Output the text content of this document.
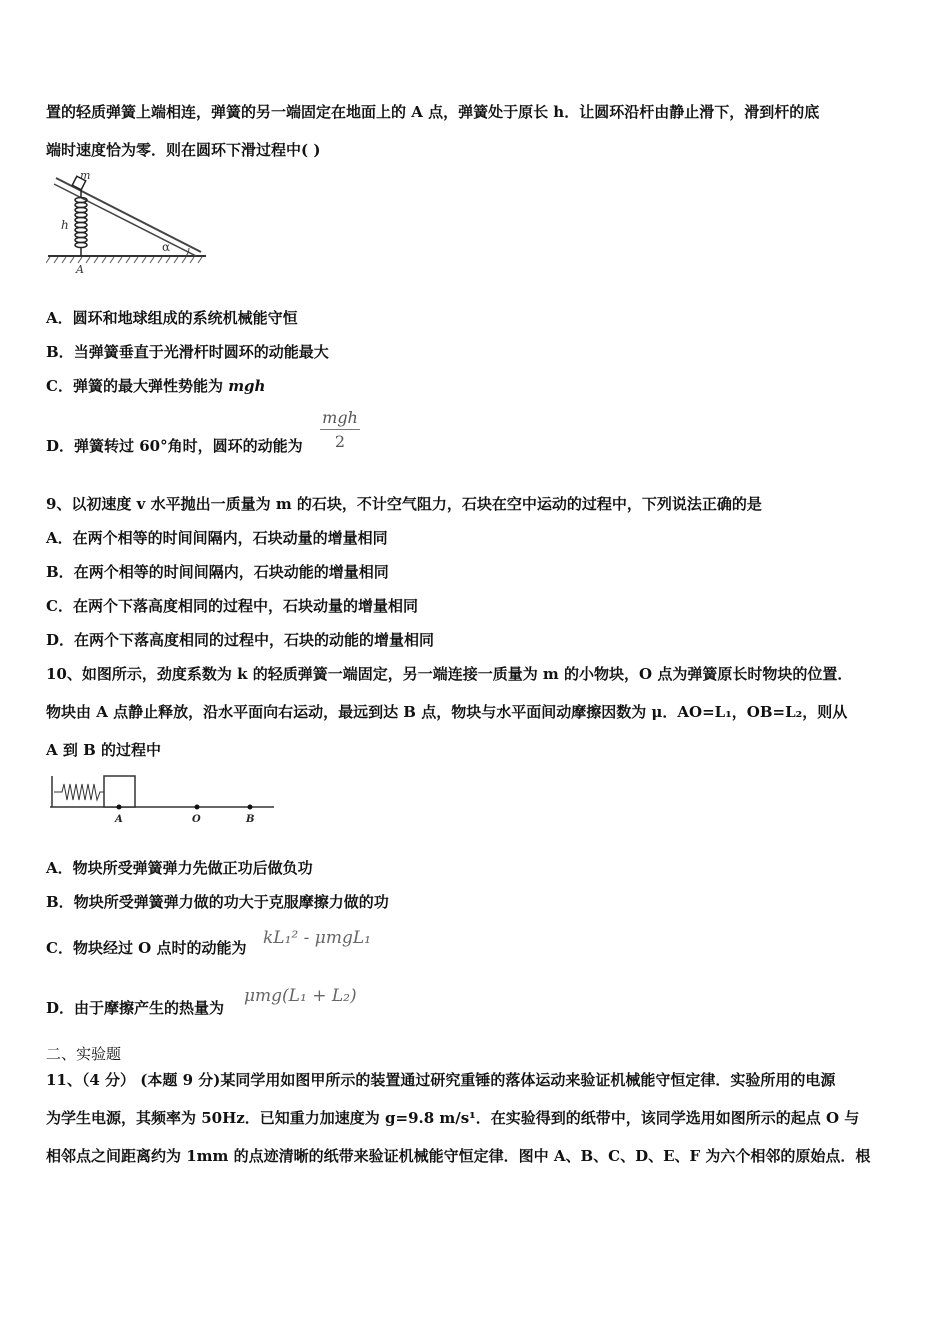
置的轻质弹簧上端相连，弹簧的另一端固定在地面上的 A 点，弹簧处于原长 h．让圆环沿杆由静止滑下，滑到杆的底
端时速度恰为零．则在圆环下滑过程中( )
m
h
α
A
A．圆环和地球组成的系统机械能守恒
B．当弹簧垂直于光滑杆时圆环的动能最大
C．弹簧的最大弹性势能为 mgh
D．弹簧转过 60°角时，圆环的动能为
mgh
2
9、以初速度 v 水平抛出一质量为 m 的石块，不计空气阻力，石块在空中运动的过程中，下列说法正确的是
A．在两个相等的时间间隔内，石块动量的增量相同
B．在两个相等的时间间隔内，石块动能的增量相同
C．在两个下落高度相同的过程中，石块动量的增量相同
D．在两个下落高度相同的过程中，石块的动能的增量相同
10、如图所示，劲度系数为 k 的轻质弹簧一端固定，另一端连接一质量为 m 的小物块，O 点为弹簧原长时物块的位置．
物块由 A 点静止释放，沿水平面向右运动，最远到达 B 点，物块与水平面间动摩擦因数为 μ．AO=L₁，OB=L₂，则从
A 到 B 的过程中
A	O	B
A．物块所受弹簧弹力先做正功后做负功
B．物块所受弹簧弹力做的功大于克服摩擦力做的功
C．物块经过 O 点时的动能为 kL₁² - μmgL₁
D．由于摩擦产生的热量为
μmg(L₁ + L₂)
二、实验题
11、（4 分） (本题 9 分)某同学用如图甲所示的装置通过研究重锤的落体运动来验证机械能守恒定律．实验所用的电源
为学生电源，其频率为 50Hz．已知重力加速度为 g=9.8 m/s¹．在实验得到的纸带中，该同学选用如图所示的起点 O 与
相邻点之间距离约为 1mm 的点迹清晰的纸带来验证机械能守恒定律．图中 A、B、C、D、E、F 为六个相邻的原始点．根
